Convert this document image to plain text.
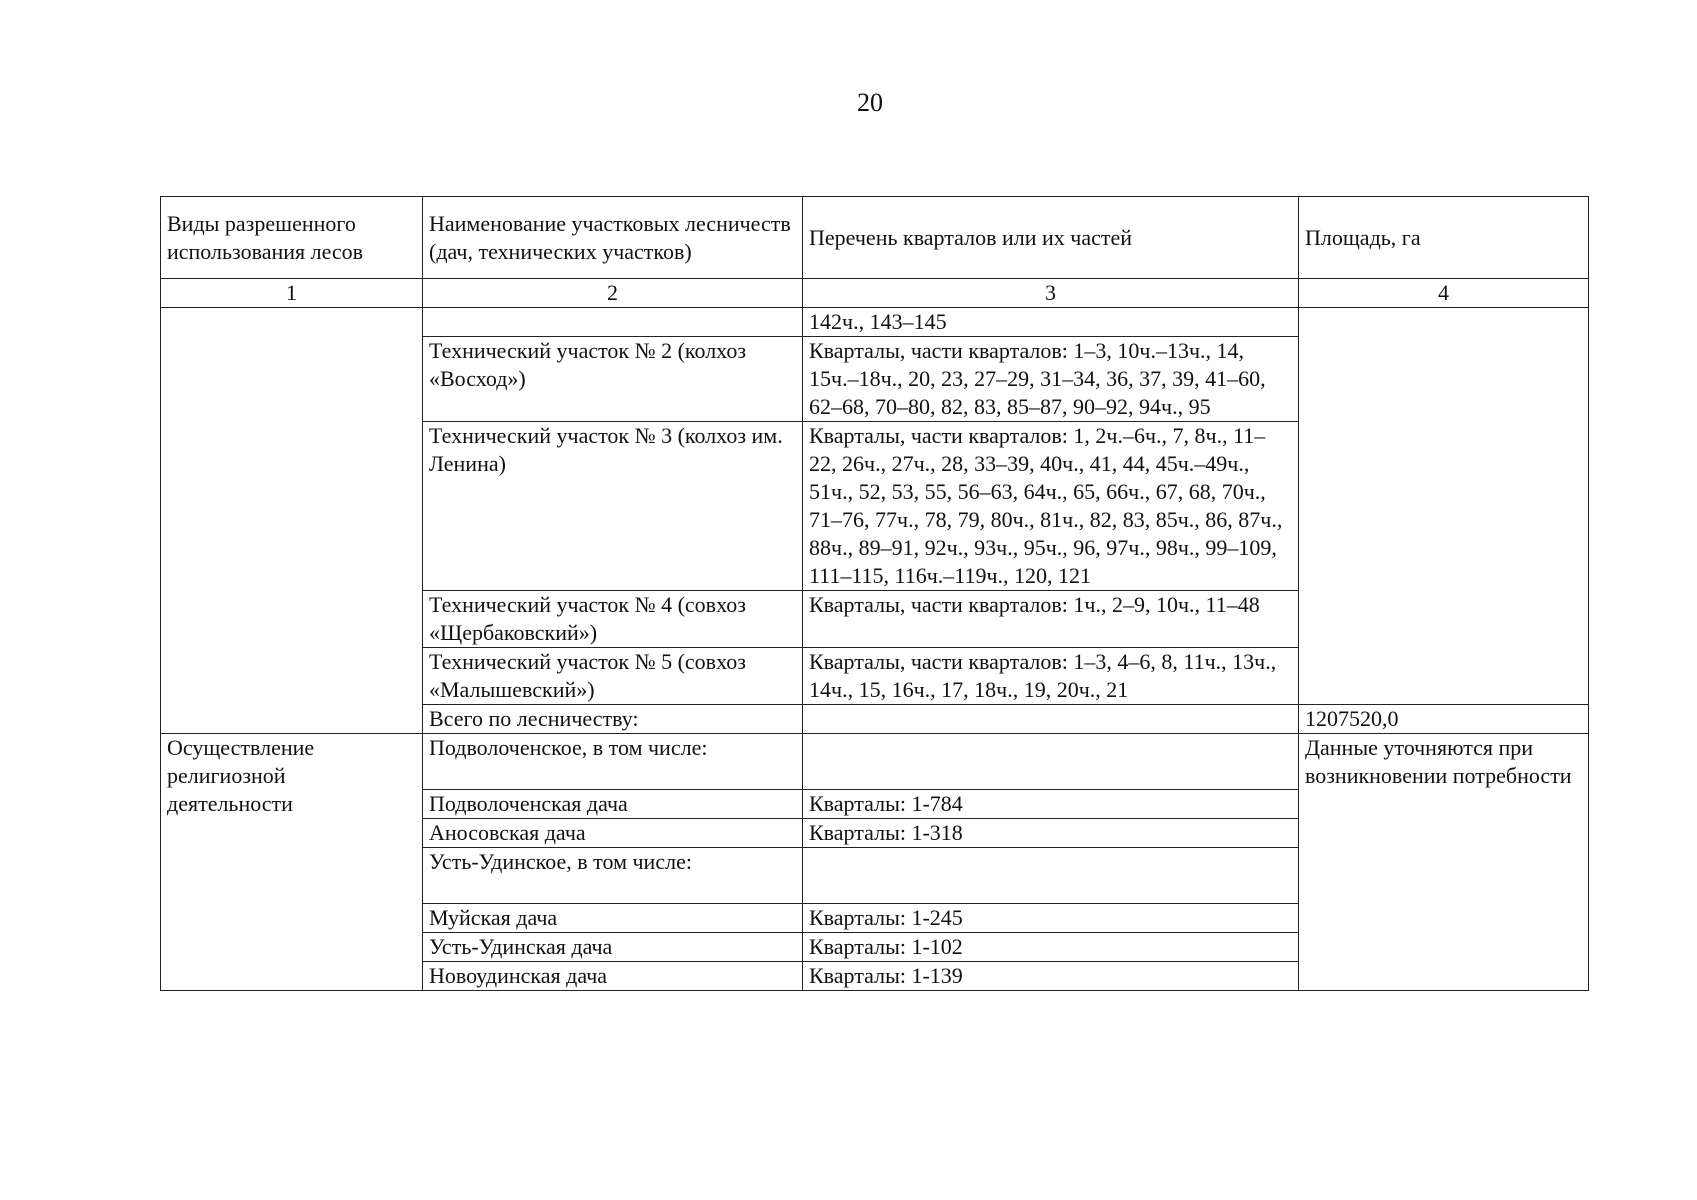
20
Виды разрешенного использования лесов	Наименование участковых лесничеств (дач, технических участков)	Перечень кварталов или их частей	Площадь, га
1	2	3	4
		142ч., 143–145	
	Технический участок № 2 (колхоз «Восход»)	Кварталы, части кварталов: 1–3, 10ч.–13ч., 14, 15ч.–18ч., 20, 23, 27–29, 31–34, 36, 37, 39, 41–60, 62–68, 70–80, 82, 83, 85–87, 90–92, 94ч., 95	
	Технический участок № 3 (колхоз им. Ленина)	Кварталы, части кварталов: 1, 2ч.–6ч., 7, 8ч., 11–22, 26ч., 27ч., 28, 33–39, 40ч., 41, 44, 45ч.–49ч., 51ч., 52, 53, 55, 56–63, 64ч., 65, 66ч., 67, 68, 70ч., 71–76, 77ч., 78, 79, 80ч., 81ч., 82, 83, 85ч., 86, 87ч., 88ч., 89–91, 92ч., 93ч., 95ч., 96, 97ч., 98ч., 99–109, 111–115, 116ч.–119ч., 120, 121	
	Технический участок № 4 (совхоз «Щербаковский»)	Кварталы, части кварталов: 1ч., 2–9, 10ч., 11–48	
	Технический участок № 5 (совхоз «Малышевский»)	Кварталы, части кварталов: 1–3, 4–6, 8, 11ч., 13ч., 14ч., 15, 16ч., 17, 18ч., 19, 20ч., 21	
	Всего по лесничеству:		1207520,0
Осуществление религиозной деятельности	Подволоченское, в том числе:		Данные уточняются при возникновении потребности
	Подволоченская дача	Кварталы: 1-784	
	Аносовская дача	Кварталы: 1-318	
	Усть-Удинское, в том числе:		
	Муйская дача	Кварталы: 1-245	
	Усть-Удинская дача	Кварталы: 1-102	
	Новоудинская дача	Кварталы: 1-139	
